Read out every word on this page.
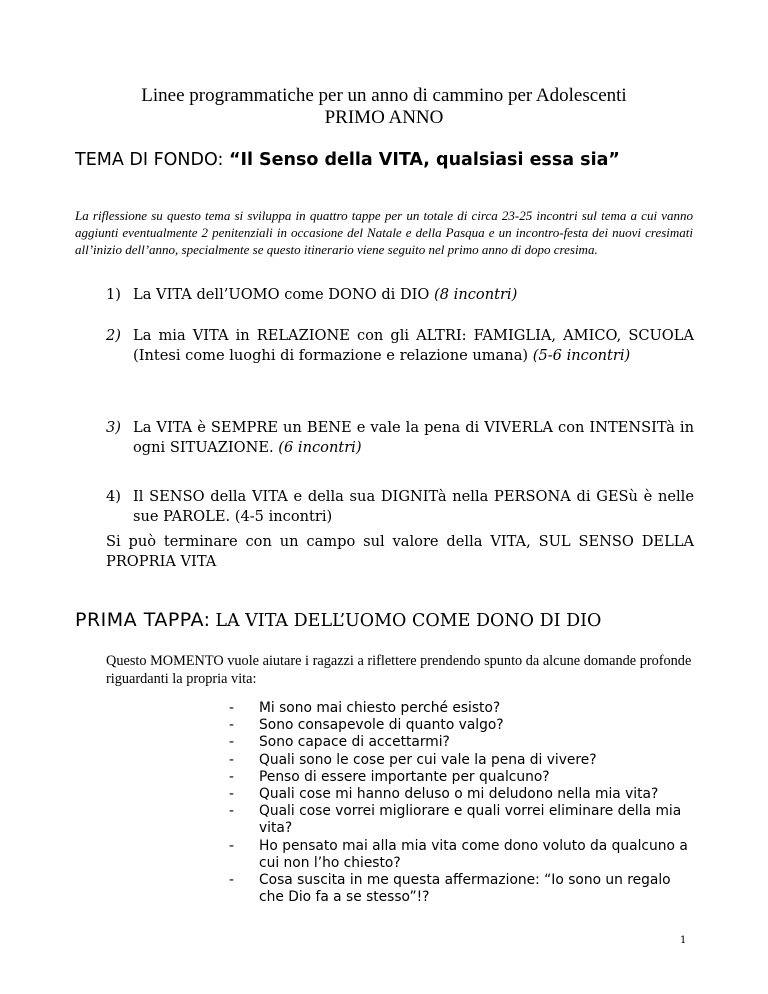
Linee programmatiche per un anno di cammino per Adolescenti
PRIMO ANNO
TEMA DI FONDO: “Il Senso della VITA, qualsiasi essa sia”
La riflessione su questo tema si sviluppa in quattro tappe per un totale di circa 23-25 incontri sul tema a cui vanno aggiunti eventualmente 2 penitenziali in occasione del Natale e della Pasqua e un incontro-festa dei nuovi cresimati all’inizio dell’anno, specialmente se questo itinerario viene seguito nel primo anno di dopo cresima.
1) La VITA dell’UOMO come DONO di DIO (8 incontri)
2) La mia VITA in RELAZIONE con gli ALTRI: FAMIGLIA, AMICO, SCUOLA (Intesi come luoghi di formazione e relazione umana) (5-6 incontri)
3) La VITA è SEMPRE un BENE e vale la pena di VIVERLA con INTENSITà in ogni SITUAZIONE. (6 incontri)
4) Il SENSO della VITA e della sua DIGNITà nella PERSONA di GESù è nelle sue PAROLE. (4-5 incontri)
Si può terminare con un campo sul valore della VITA, SUL SENSO DELLA PROPRIA VITA
PRIMA TAPPA: LA VITA DELL’UOMO COME DONO DI DIO
Questo MOMENTO vuole aiutare i ragazzi a riflettere prendendo spunto da alcune domande profonde riguardanti la propria vita:
-	Mi sono mai chiesto perché esisto?
-	Sono consapevole di quanto valgo?
-	Sono capace di accettarmi?
-	Quali sono le cose per cui vale la pena di vivere?
-	Penso di essere importante per qualcuno?
-	Quali cose mi hanno deluso o mi deludono nella mia vita?
-	Quali cose vorrei migliorare e quali vorrei eliminare della mia vita?
-	Ho pensato mai alla mia vita come dono voluto da qualcuno a cui non l’ho chiesto?
-	Cosa suscita in me questa affermazione: “Io sono un regalo che Dio fa a se stesso”!?
1
